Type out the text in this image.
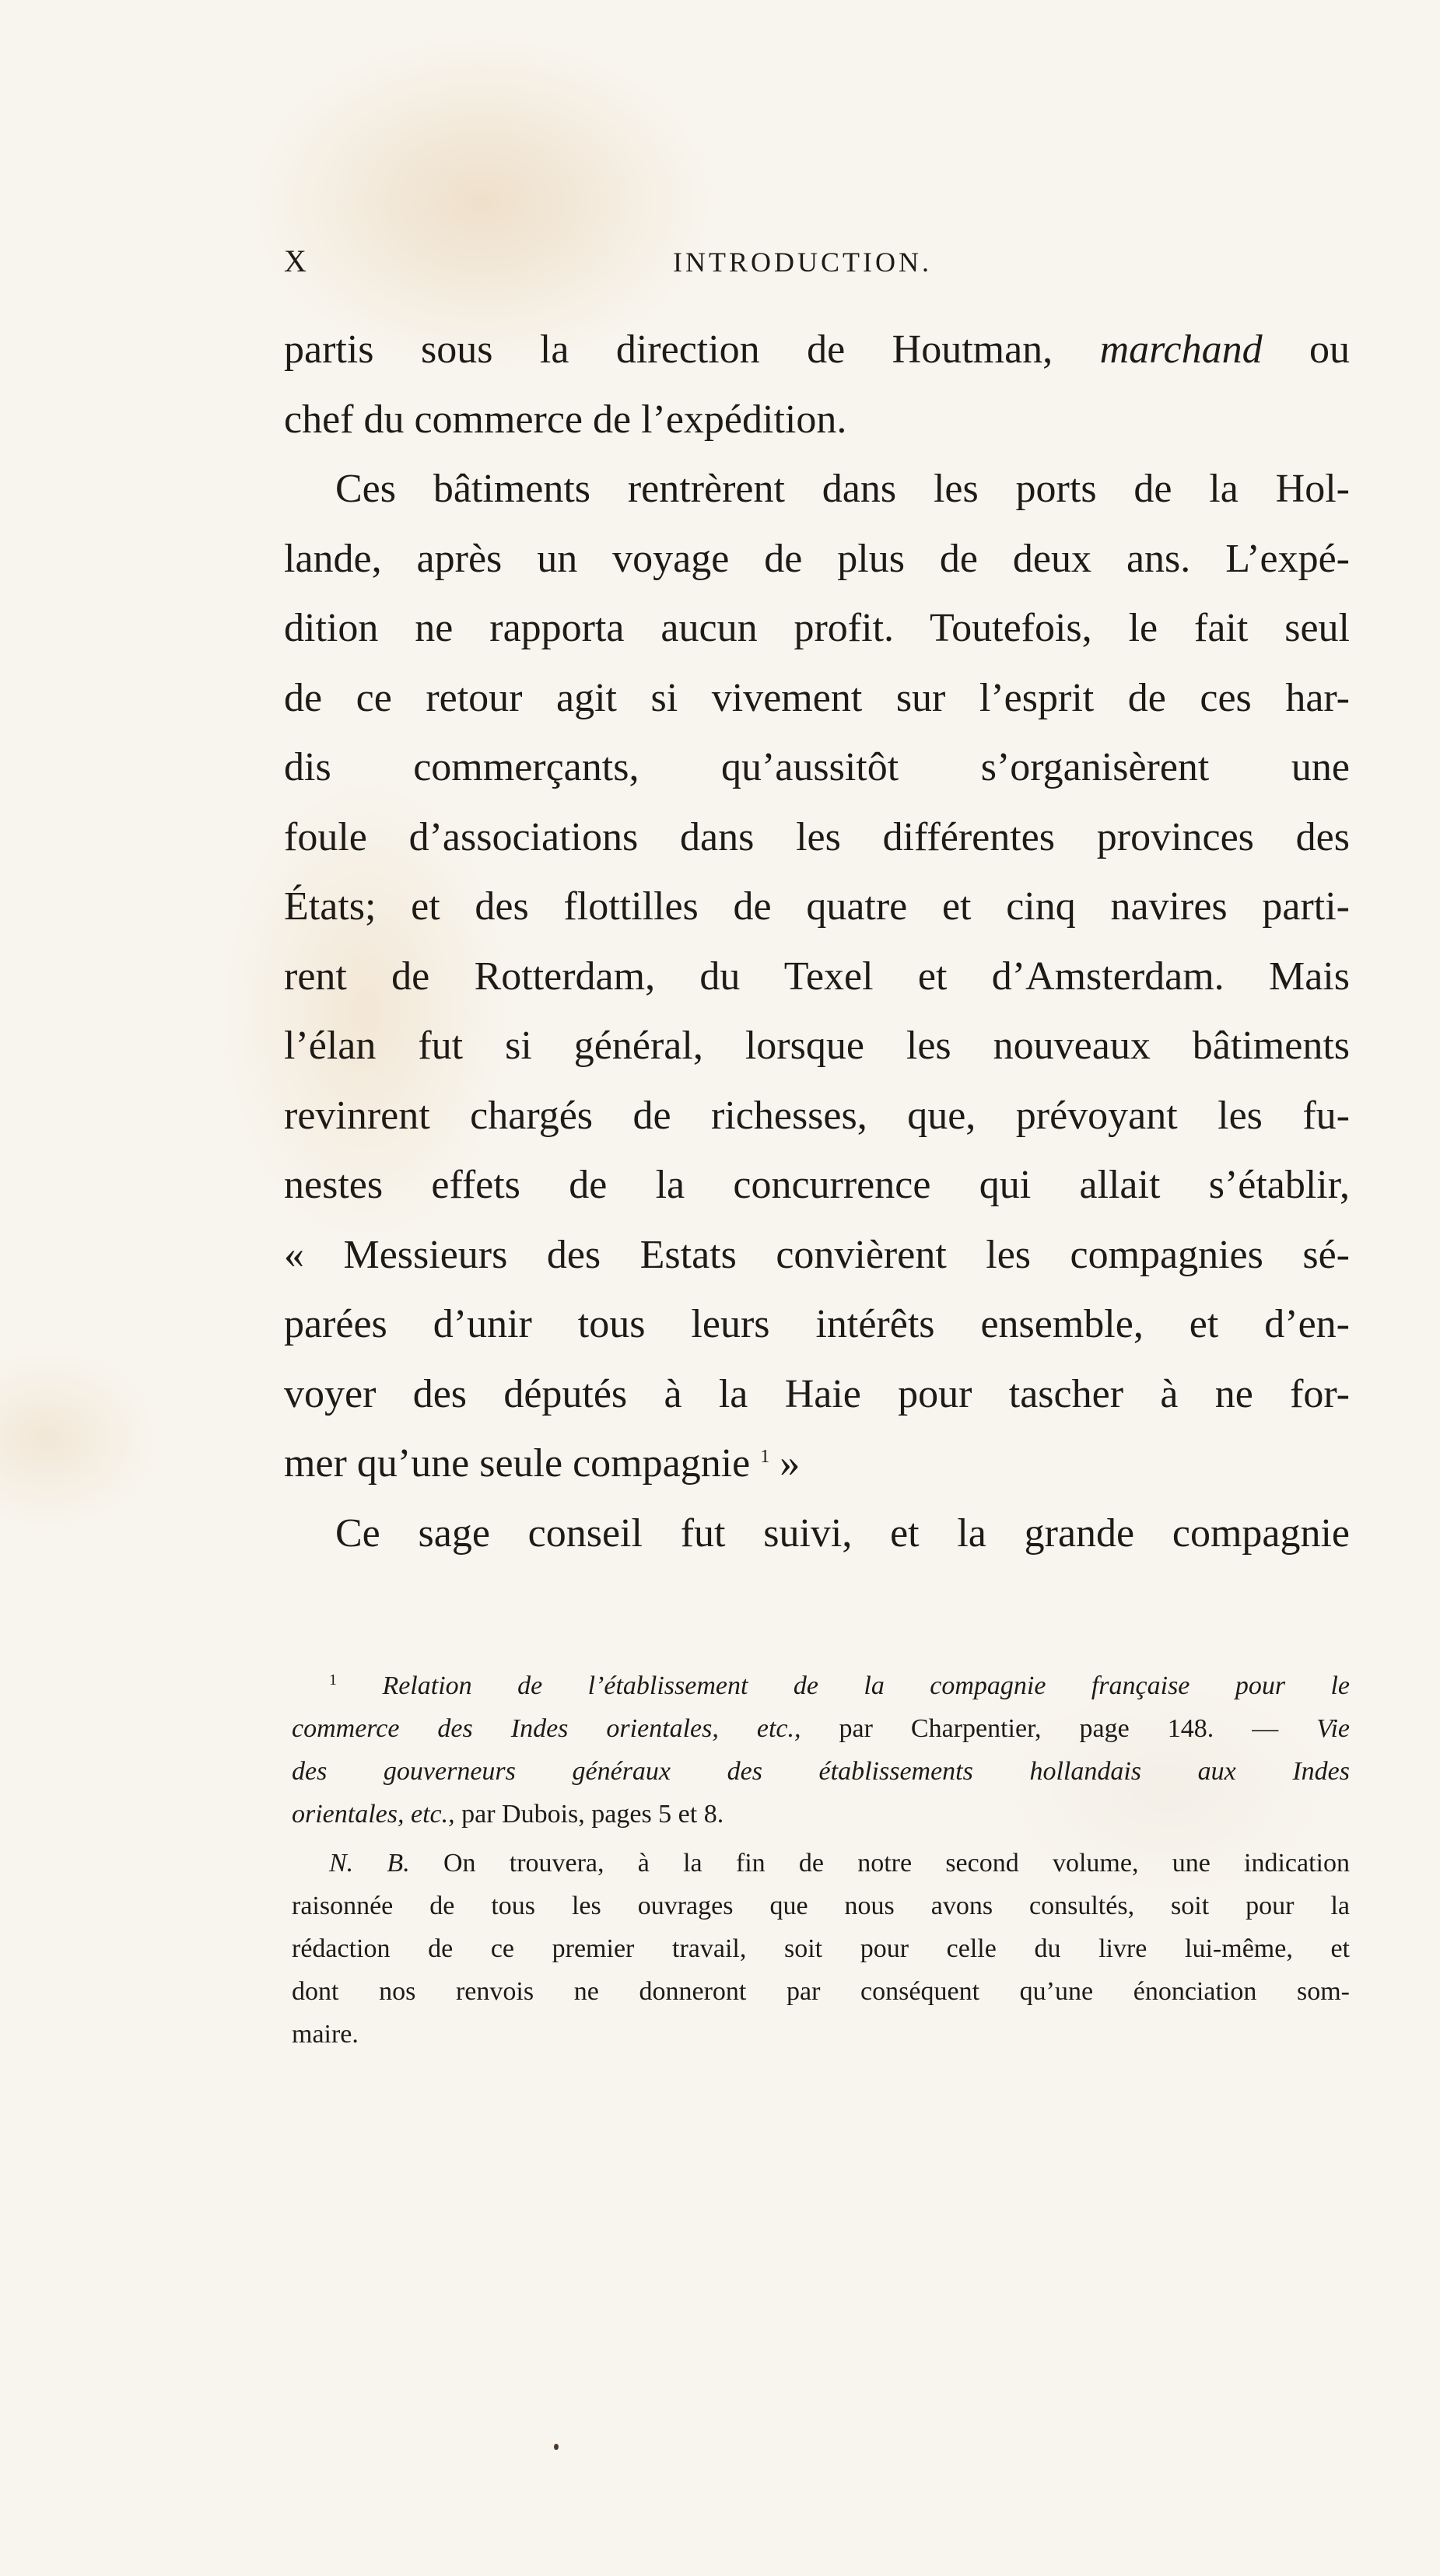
X	INTRODUCTION.
partis sous la direction de Houtman, marchand ou
chef du commerce de l’expédition.
Ces bâtiments rentrèrent dans les ports de la Hol-
lande, après un voyage de plus de deux ans. L’expé-
dition ne rapporta aucun profit. Toutefois, le fait seul
de ce retour agit si vivement sur l’esprit de ces har-
dis commerçants, qu’aussitôt s’organisèrent une
foule d’associations dans les différentes provinces des
États; et des flottilles de quatre et cinq navires parti-
rent de Rotterdam, du Texel et d’Amsterdam. Mais
l’élan fut si général, lorsque les nouveaux bâtiments
revinrent chargés de richesses, que, prévoyant les fu-
nestes effets de la concurrence qui allait s’établir,
« Messieurs des Estats convièrent les compagnies sé-
parées d’unir tous leurs intérêts ensemble, et d’en-
voyer des députés à la Haie pour tascher à ne for-
mer qu’une seule compagnie $^1$ »
Ce sage conseil fut suivi, et la grande compagnie
$^1$ Relation de l’établissement de la compagnie française pour le
commerce des Indes orientales, etc., par Charpentier, page 148. — Vie
des gouverneurs généraux des établissements hollandais aux Indes
orientales, etc., par Dubois, pages 5 et 8.
N. B. On trouvera, à la fin de notre second volume, une indication
raisonnée de tous les ouvrages que nous avons consultés, soit pour la
rédaction de ce premier travail, soit pour celle du livre lui-même, et
dont nos renvois ne donneront par conséquent qu’une énonciation som-
maire.
